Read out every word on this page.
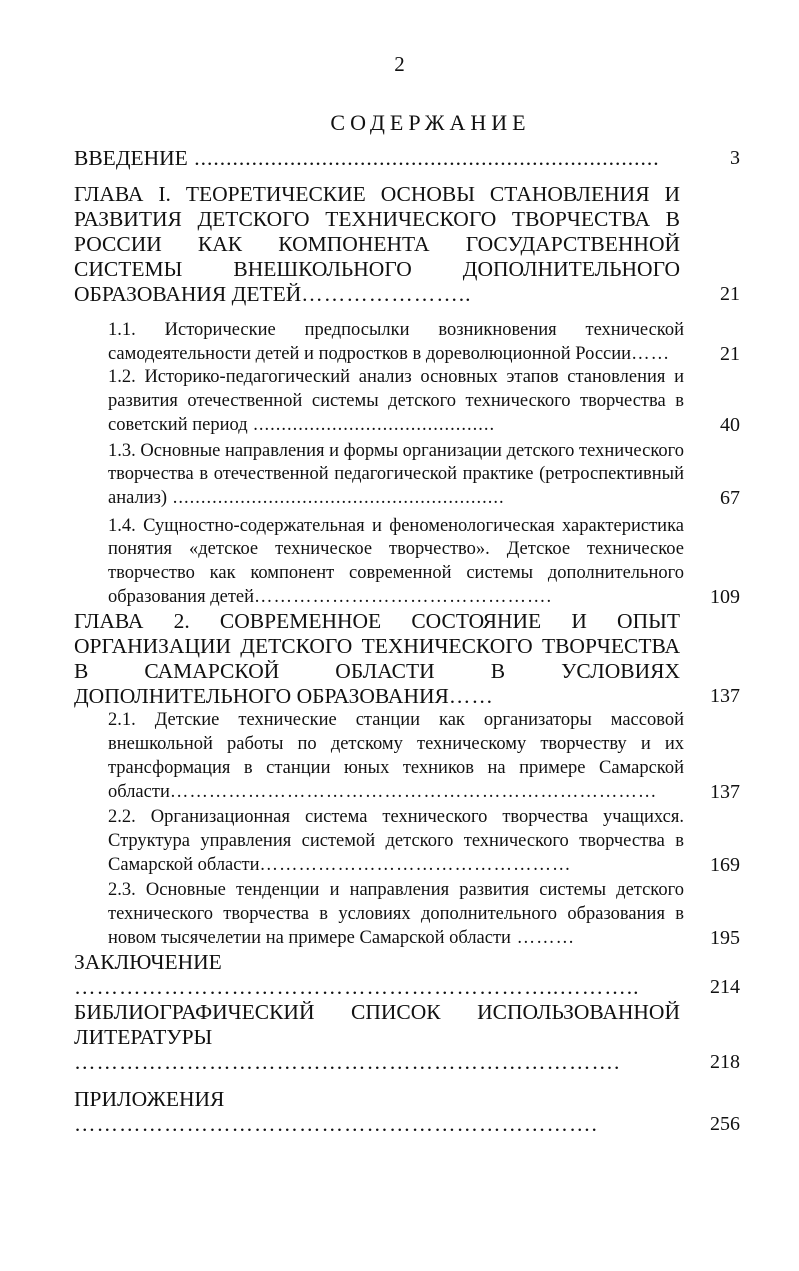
2
СОДЕРЖАНИЕ
ВВЕДЕНИЕ .........................................................................	3
ГЛАВА I. ТЕОРЕТИЧЕСКИЕ ОСНОВЫ СТАНОВЛЕНИЯ И РАЗВИТИЯ ДЕТСКОГО ТЕХНИЧЕСКОГО ТВОРЧЕСТВА В РОССИИ КАК КОМПОНЕНТА ГОСУДАРСТВЕННОЙ СИСТЕМЫ ВНЕШКОЛЬНОГО ДОПОЛНИТЕЛЬНОГО ОБРАЗОВАНИЯ ДЕТЕЙ…………………..	21
1.1. Исторические предпосылки возникновения технической самодеятельности детей и подростков в дореволюционной России……	21
1.2. Историко-педагогический анализ основных этапов становления и развития отечественной системы детского технического творчества в советский период ...........................................	40
1.3. Основные направления и формы организации детского технического творчества в отечественной педагогической практике (ретроспективный анализ) ...........................................................	67
1.4. Сущностно-содержательная и феноменологическая характеристика понятия «детское техническое творчество». Детское техническое творчество как компонент современной системы дополнительного образования детей……………………………………….	109
ГЛАВА 2. СОВРЕМЕННОЕ СОСТОЯНИЕ И ОПЫТ ОРГАНИЗАЦИИ ДЕТСКОГО ТЕХНИЧЕСКОГО ТВОРЧЕСТВА В САМАРСКОЙ ОБЛАСТИ В УСЛОВИЯХ ДОПОЛНИТЕЛЬНОГО ОБРАЗОВАНИЯ……	137
2.1. Детские технические станции как организаторы массовой внешкольной работы по детскому техническому творчеству и их трансформация в станции юных техников на примере Самарской области…………………………………………………………………	137
2.2. Организационная система технического творчества учащихся. Структура управления системой детского технического творчества в Самарской области…………………………………………	169
2.3. Основные тенденции и направления развития системы детского технического творчества в условиях дополнительного образования в новом тысячелетии на примере Самарской области ………	195
ЗАКЛЮЧЕНИЕ ………………………………………………………..………..	214
БИБЛИОГРАФИЧЕСКИЙ СПИСОК ИСПОЛЬЗОВАННОЙ ЛИТЕРАТУРЫ ……………………………………………………………….	218
ПРИЛОЖЕНИЯ …………………………………………………………….	256
